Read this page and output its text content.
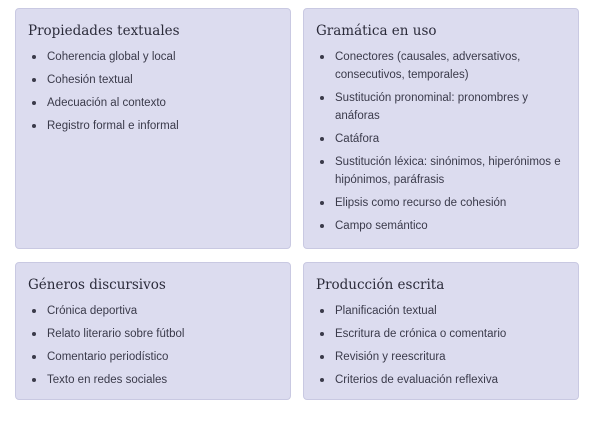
Propiedades textuales
Coherencia global y local
Cohesión textual
Adecuación al contexto
Registro formal e informal
Gramática en uso
Conectores (causales, adversativos, consecutivos, temporales)
Sustitución pronominal: pronombres y anáforas
Catáfora
Sustitución léxica: sinónimos, hiperónimos e hipónimos, paráfrasis
Elipsis como recurso de cohesión
Campo semántico
Géneros discursivos
Crónica deportiva
Relato literario sobre fútbol
Comentario periodístico
Texto en redes sociales
Producción escrita
Planificación textual
Escritura de crónica o comentario
Revisión y reescritura
Criterios de evaluación reflexiva
